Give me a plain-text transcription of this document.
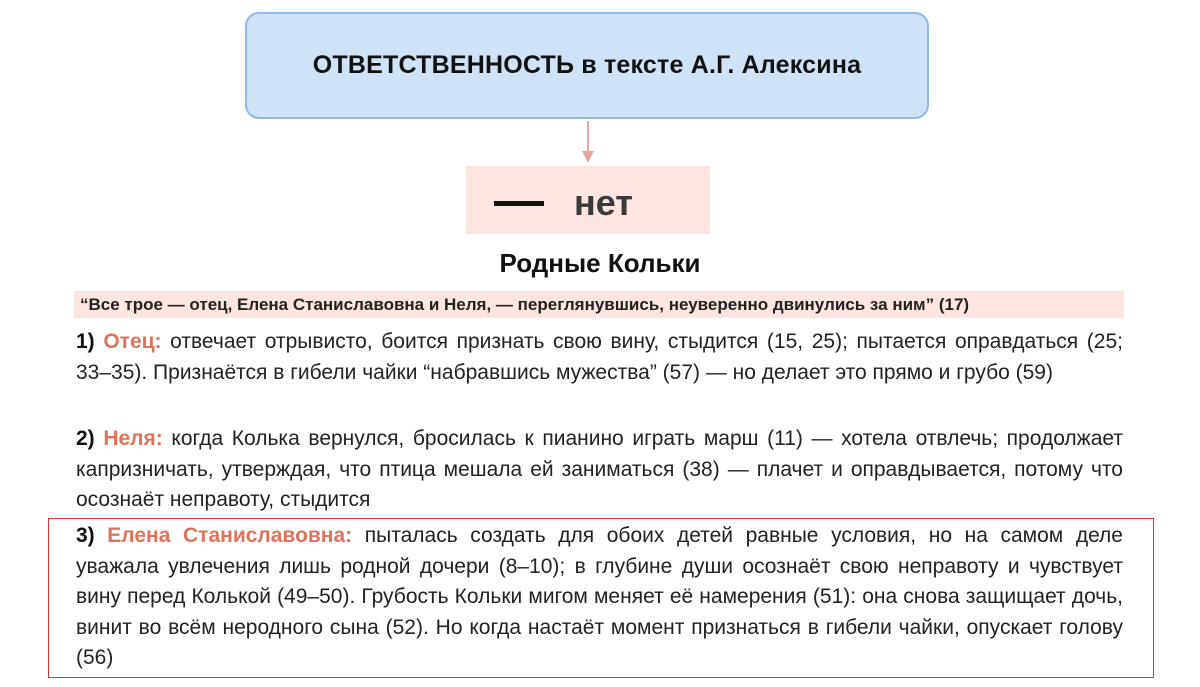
ОТВЕТСТВЕННОСТЬ в тексте А.Г. Алексина
нет
Родные Кольки
“Все трое — отец, Елена Станиславовна и Неля, — переглянувшись, неуверенно двинулись за ним” (17)

1) Отец: отвечает отрывисто, боится признать свою вину, стыдится (15, 25); пытается оправдаться (25; 33–35). Признаётся в гибели чайки “набравшись мужества” (57) — но делает это прямо и грубо (59)

2) Неля: когда Колька вернулся, бросилась к пианино играть марш (11) — хотела отвлечь; продолжает капризничать, утверждая, что птица мешала ей заниматься (38) — плачет и оправдывается, потому что осознаёт неправоту, стыдится

3) Елена Станиславовна: пыталась создать для обоих детей равные условия, но на самом деле уважала увлечения лишь родной дочери (8–10); в глубине души осознаёт свою неправоту и чувствует вину перед Колькой (49–50). Грубость Кольки мигом меняет её намерения (51): она снова защищает дочь, винит во всём неродного сына (52). Но когда настаёт момент признаться в гибели чайки, опускает голову (56)
